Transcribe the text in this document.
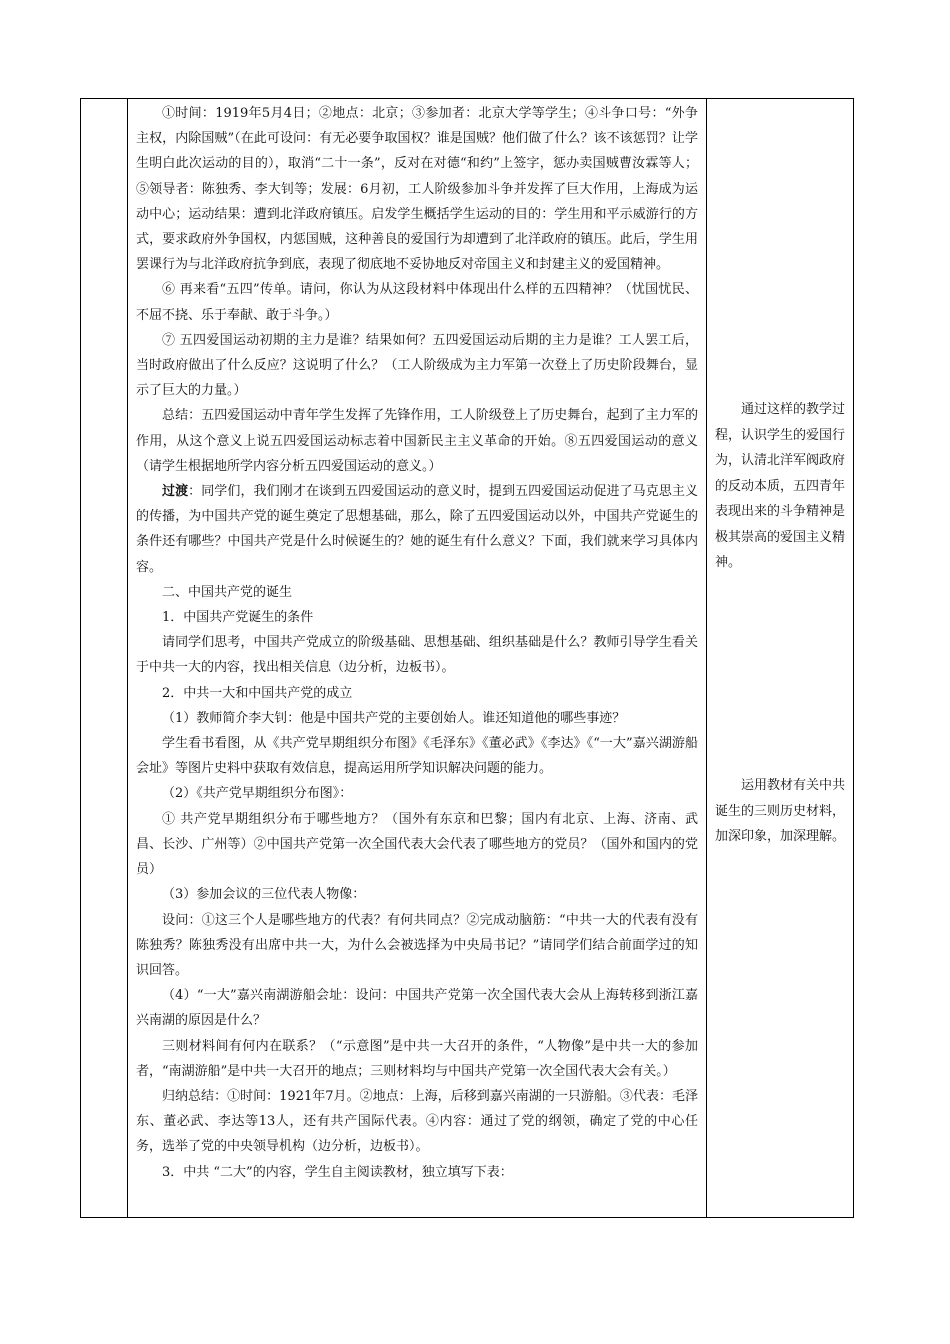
①时间：1919年5月4日；②地点：北京；③参加者：北京大学等学生；④斗争口号：“外争主权，内除国贼”（在此可设问：有无必要争取国权？谁是国贼？他们做了什么？该不该惩罚？让学生明白此次运动的目的），取消“二十一条”，反对在对德“和约”上签字，惩办卖国贼曹汝霖等人；⑤领导者：陈独秀、李大钊等；发展：6月初，工人阶级参加斗争并发挥了巨大作用，上海成为运动中心；运动结果：遭到北洋政府镇压。启发学生概括学生运动的目的：学生用和平示威游行的方式，要求政府外争国权，内惩国贼，这种善良的爱国行为却遭到了北洋政府的镇压。此后，学生用罢课行为与北洋政府抗争到底，表现了彻底地不妥协地反对帝国主义和封建主义的爱国精神。

⑥ 再来看“五四”传单。请问，你认为从这段材料中体现出什么样的五四精神？（忧国忧民、不屈不挠、乐于奉献、敢于斗争。）

⑦ 五四爱国运动初期的主力是谁？结果如何？五四爱国运动后期的主力是谁？工人罢工后，当时政府做出了什么反应？这说明了什么？（工人阶级成为主力军第一次登上了历史阶段舞台，显示了巨大的力量。）

总结：五四爱国运动中青年学生发挥了先锋作用，工人阶级登上了历史舞台，起到了主力军的作用，从这个意义上说五四爱国运动标志着中国新民主主义革命的开始。⑧五四爱国运动的意义（请学生根据地所学内容分析五四爱国运动的意义。）

过渡：同学们，我们刚才在谈到五四爱国运动的意义时，提到五四爱国运动促进了马克思主义的传播，为中国共产党的诞生奠定了思想基础，那么，除了五四爱国运动以外，中国共产党诞生的条件还有哪些？中国共产党是什么时候诞生的？她的诞生有什么意义？下面，我们就来学习具体内容。

二、中国共产党的诞生

1．中国共产党诞生的条件

请同学们思考，中国共产党成立的阶级基础、思想基础、组织基础是什么？教师引导学生看关于中共一大的内容，找出相关信息（边分析，边板书）。

2．中共一大和中国共产党的成立

（1）教师简介李大钊：他是中国共产党的主要创始人。谁还知道他的哪些事迹？

学生看书看图，从《共产党早期组织分布图》《毛泽东》《董必武》《李达》《“一大”嘉兴湖游船会址》等图片史料中获取有效信息，提高运用所学知识解决问题的能力。

（2）《共产党早期组织分布图》：

① 共产党早期组织分布于哪些地方？（国外有东京和巴黎；国内有北京、上海、济南、武昌、长沙、广州等）②中国共产党第一次全国代表大会代表了哪些地方的党员？（国外和国内的党员）

（3）参加会议的三位代表人物像：

设问：①这三个人是哪些地方的代表？有何共同点？②完成动脑筋：“中共一大的代表有没有陈独秀？陈独秀没有出席中共一大，为什么会被选择为中央局书记？”请同学们结合前面学过的知识回答。

（4）“一大”嘉兴南湖游船会址：设问：中国共产党第一次全国代表大会从上海转移到浙江嘉兴南湖的原因是什么？

三则材料间有何内在联系？（“示意图”是中共一大召开的条件，“人物像”是中共一大的参加者，“南湖游船”是中共一大召开的地点；三则材料均与中国共产党第一次全国代表大会有关。）

归纳总结：①时间：1921年7月。②地点：上海，后移到嘉兴南湖的一只游船。③代表：毛泽东、董必武、李达等13人，还有共产国际代表。④内容：通过了党的纲领，确定了党的中心任务，选举了党的中央领导机构（边分析，边板书）。

3．中共 “二大”的内容，学生自主阅读教材，独立填写下表：

通过这样的教学过程，认识学生的爱国行为，认清北洋军阀政府的反动本质，五四青年表现出来的斗争精神是极其崇高的爱国主义精神。

运用教材有关中共诞生的三则历史材料，加深印象，加深理解。
